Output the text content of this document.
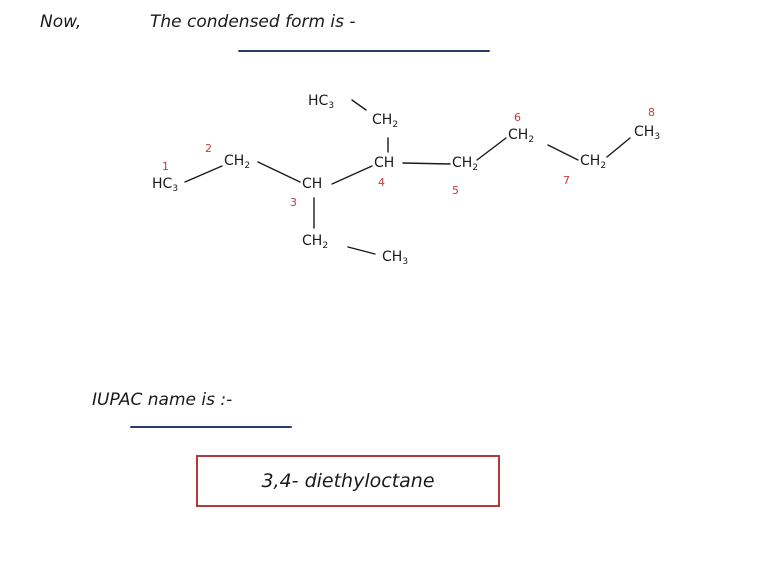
Now,	The condensed form is -
$HC_3$
$CH_2$
CH
$CH_2$
$CH_3$
CH
$CH_2$
$HC_3$
$CH_2$
$CH_2$
$CH_2$
$CH_3$
1
2
3
4
5
6
7
8
IUPAC name is :-
3,4- diethyloctane
